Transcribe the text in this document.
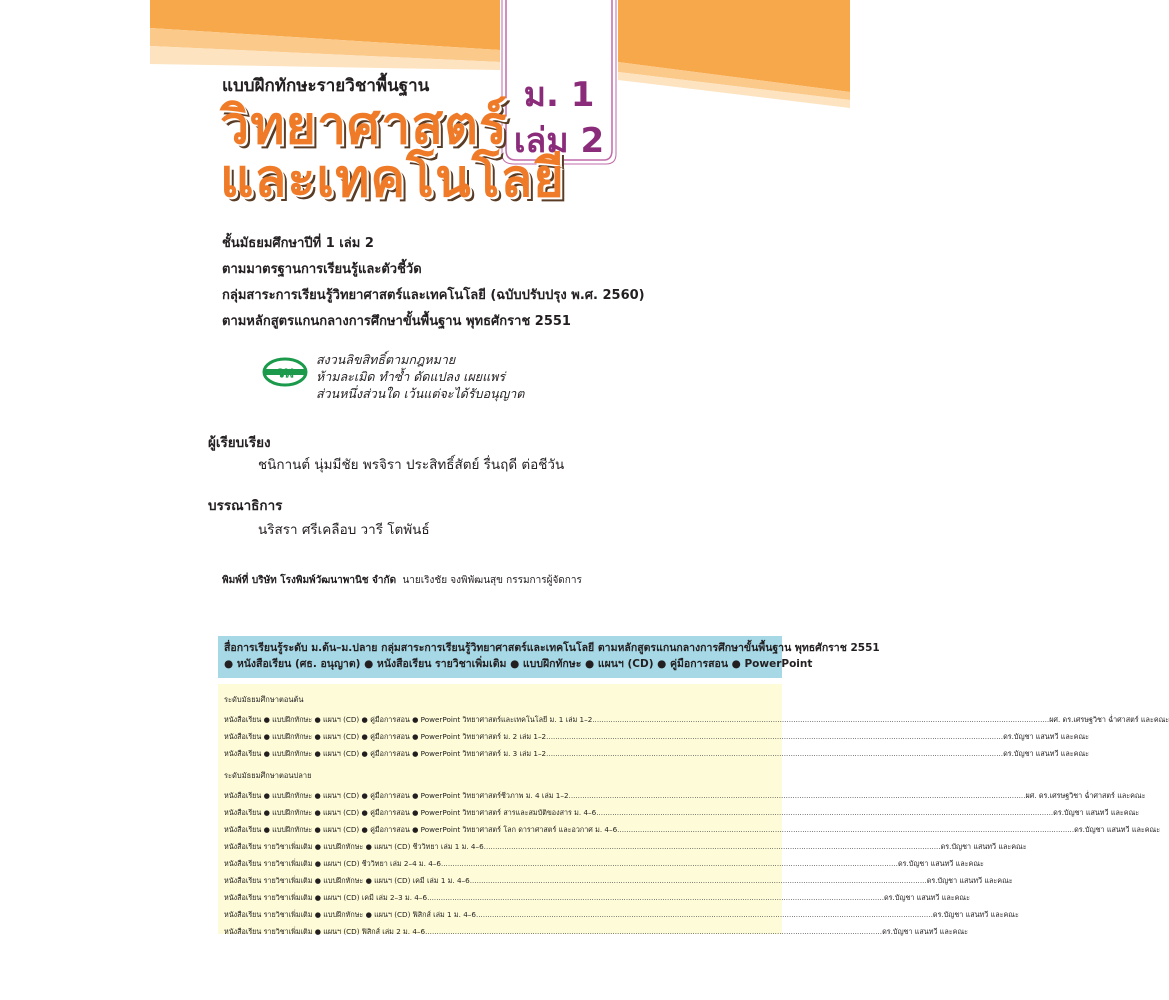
ม. 1
เล่ม 2
แบบฝึกทักษะรายวิชาพื้นฐาน
วิทยาศาสตร์
และเทคโนโลยี
ชั้นมัธยมศึกษาปีที่ 1 เล่ม 2
ตามมาตรฐานการเรียนรู้และตัวชี้วัด
กลุ่มสาระการเรียนรู้วิทยาศาสตร์และเทคโนโลยี (ฉบับปรับปรุง พ.ศ. 2560)
ตามหลักสูตรแกนกลางการศึกษาขั้นพื้นฐาน พุทธศักราช 2551
วพ
สงวนลิขสิทธิ์ตามกฎหมาย
ห้ามละเมิด ทำซ้ำ ดัดแปลง เผยแพร่
ส่วนหนึ่งส่วนใด เว้นแต่จะได้รับอนุญาต
ผู้เรียบเรียง
ชนิกานต์ นุ่มมีชัย พรจิรา ประสิทธิ์สัตย์ รื่นฤดี ต่อชีวัน
บรรณาธิการ
นริสรา ศรีเคลือบ วารี โตพันธ์
พิมพ์ที่ บริษัท โรงพิมพ์วัฒนาพานิช จำกัด นายเริงชัย จงพิพัฒนสุข กรรมการผู้จัดการ
สื่อการเรียนรู้ระดับ ม.ต้น–ม.ปลาย กลุ่มสาระการเรียนรู้วิทยาศาสตร์และเทคโนโลยี ตามหลักสูตรแกนกลางการศึกษาขั้นพื้นฐาน พุทธศักราช 2551
● หนังสือเรียน (ศธ. อนุญาต) ● หนังสือเรียน รายวิชาเพิ่มเติม ● แบบฝึกทักษะ ● แผนฯ (CD) ● คู่มือการสอน ● PowerPoint
ระดับมัธยมศึกษาตอนต้น
หนังสือเรียน ● แบบฝึกทักษะ ● แผนฯ (CD) ● คู่มือการสอน ● PowerPoint วิทยาศาสตร์และเทคโนโลยี ม. 1 เล่ม 1–2 ........................................................................................................................................................................................................ ผศ. ดร.เศรษฐวิชา ฉ่ำศาสตร์ และคณะ
หนังสือเรียน ● แบบฝึกทักษะ ● แผนฯ (CD) ● คู่มือการสอน ● PowerPoint วิทยาศาสตร์ ม. 2 เล่ม 1–2 ........................................................................................................................................................................................................ ดร.บัญชา แสนทวี และคณะ
หนังสือเรียน ● แบบฝึกทักษะ ● แผนฯ (CD) ● คู่มือการสอน ● PowerPoint วิทยาศาสตร์ ม. 3 เล่ม 1–2 ........................................................................................................................................................................................................ ดร.บัญชา แสนทวี และคณะ
ระดับมัธยมศึกษาตอนปลาย
หนังสือเรียน ● แบบฝึกทักษะ ● แผนฯ (CD) ● คู่มือการสอน ● PowerPoint วิทยาศาสตร์ชีวภาพ ม. 4 เล่ม 1–2 ........................................................................................................................................................................................................ ผศ. ดร.เศรษฐวิชา ฉ่ำศาสตร์ และคณะ
หนังสือเรียน ● แบบฝึกทักษะ ● แผนฯ (CD) ● คู่มือการสอน ● PowerPoint วิทยาศาสตร์ สารและสมบัติของสาร ม. 4–6 ........................................................................................................................................................................................................ ดร.บัญชา แสนทวี และคณะ
หนังสือเรียน ● แบบฝึกทักษะ ● แผนฯ (CD) ● คู่มือการสอน ● PowerPoint วิทยาศาสตร์ โลก ดาราศาสตร์ และอวกาศ ม. 4–6 ........................................................................................................................................................................................................ ดร.บัญชา แสนทวี และคณะ
หนังสือเรียน รายวิชาเพิ่มเติม ● แบบฝึกทักษะ ● แผนฯ (CD) ชีววิทยา เล่ม 1 ม. 4–6 ........................................................................................................................................................................................................ ดร.บัญชา แสนทวี และคณะ
หนังสือเรียน รายวิชาเพิ่มเติม ● แผนฯ (CD) ชีววิทยา เล่ม 2–4 ม. 4–6 ........................................................................................................................................................................................................ ดร.บัญชา แสนทวี และคณะ
หนังสือเรียน รายวิชาเพิ่มเติม ● แบบฝึกทักษะ ● แผนฯ (CD) เคมี เล่ม 1 ม. 4–6 ........................................................................................................................................................................................................ ดร.บัญชา แสนทวี และคณะ
หนังสือเรียน รายวิชาเพิ่มเติม ● แผนฯ (CD) เคมี เล่ม 2–3 ม. 4–6 ........................................................................................................................................................................................................ ดร.บัญชา แสนทวี และคณะ
หนังสือเรียน รายวิชาเพิ่มเติม ● แบบฝึกทักษะ ● แผนฯ (CD) ฟิสิกส์ เล่ม 1 ม. 4–6 ........................................................................................................................................................................................................ ดร.บัญชา แสนทวี และคณะ
หนังสือเรียน รายวิชาเพิ่มเติม ● แผนฯ (CD) ฟิสิกส์ เล่ม 2 ม. 4–6 ........................................................................................................................................................................................................ ดร.บัญชา แสนทวี และคณะ
